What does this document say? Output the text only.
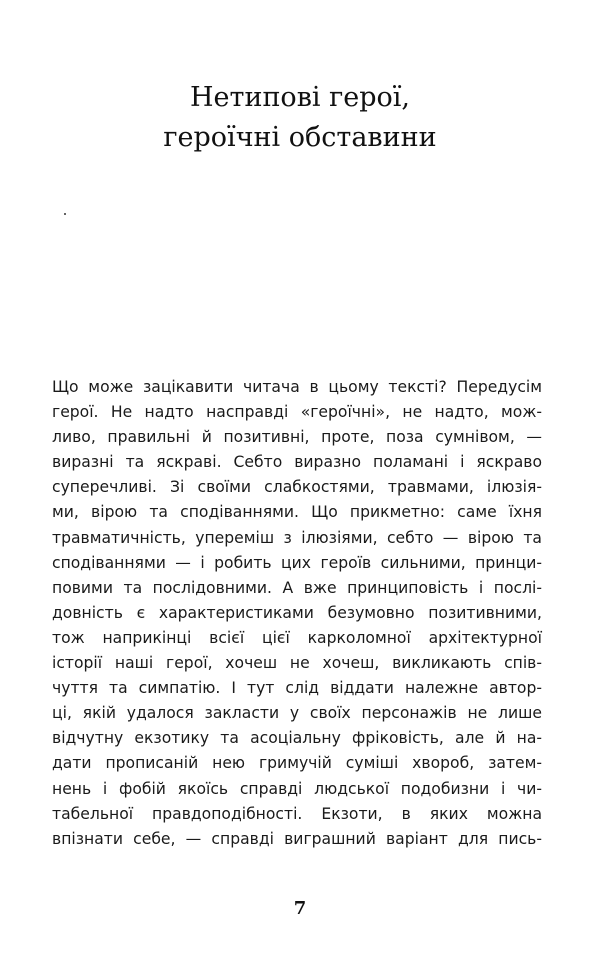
Нетипові герої,
героїчні обставини
Що може зацікавити читача в цьому тексті? Передусім
герої. Не надто насправді «героїчні», не надто, мож-
ливо, правильні й позитивні, проте, поза сумнівом, —
виразні та яскраві. Себто виразно поламані і яскраво
суперечливі. Зі своїми слабкостями, травмами, ілюзія-
ми, вірою та сподіваннями. Що прикметно: саме їхня
травматичність, упереміш з ілюзіями, себто — вірою та
сподіваннями — і робить цих героїв сильними, принци-
повими та послідовними. А вже принциповість і послі-
довність є характеристиками безумовно позитивними,
тож наприкінці всієї цієї карколомної архітектурної
історії наші герої, хочеш не хочеш, викликають спів-
чуття та симпатію. І тут слід віддати належне автор-
ці, якій удалося закласти у своїх персонажів не лише
відчутну екзотику та асоціальну фріковість, але й на-
дати прописаній нею гримучій суміші хвороб, затем-
нень і фобій якоїсь справді людської подобизни і чи-
табельної правдоподібності. Екзоти, в яких можна
впізнати себе, — справді виграшний варіант для пись-
7
